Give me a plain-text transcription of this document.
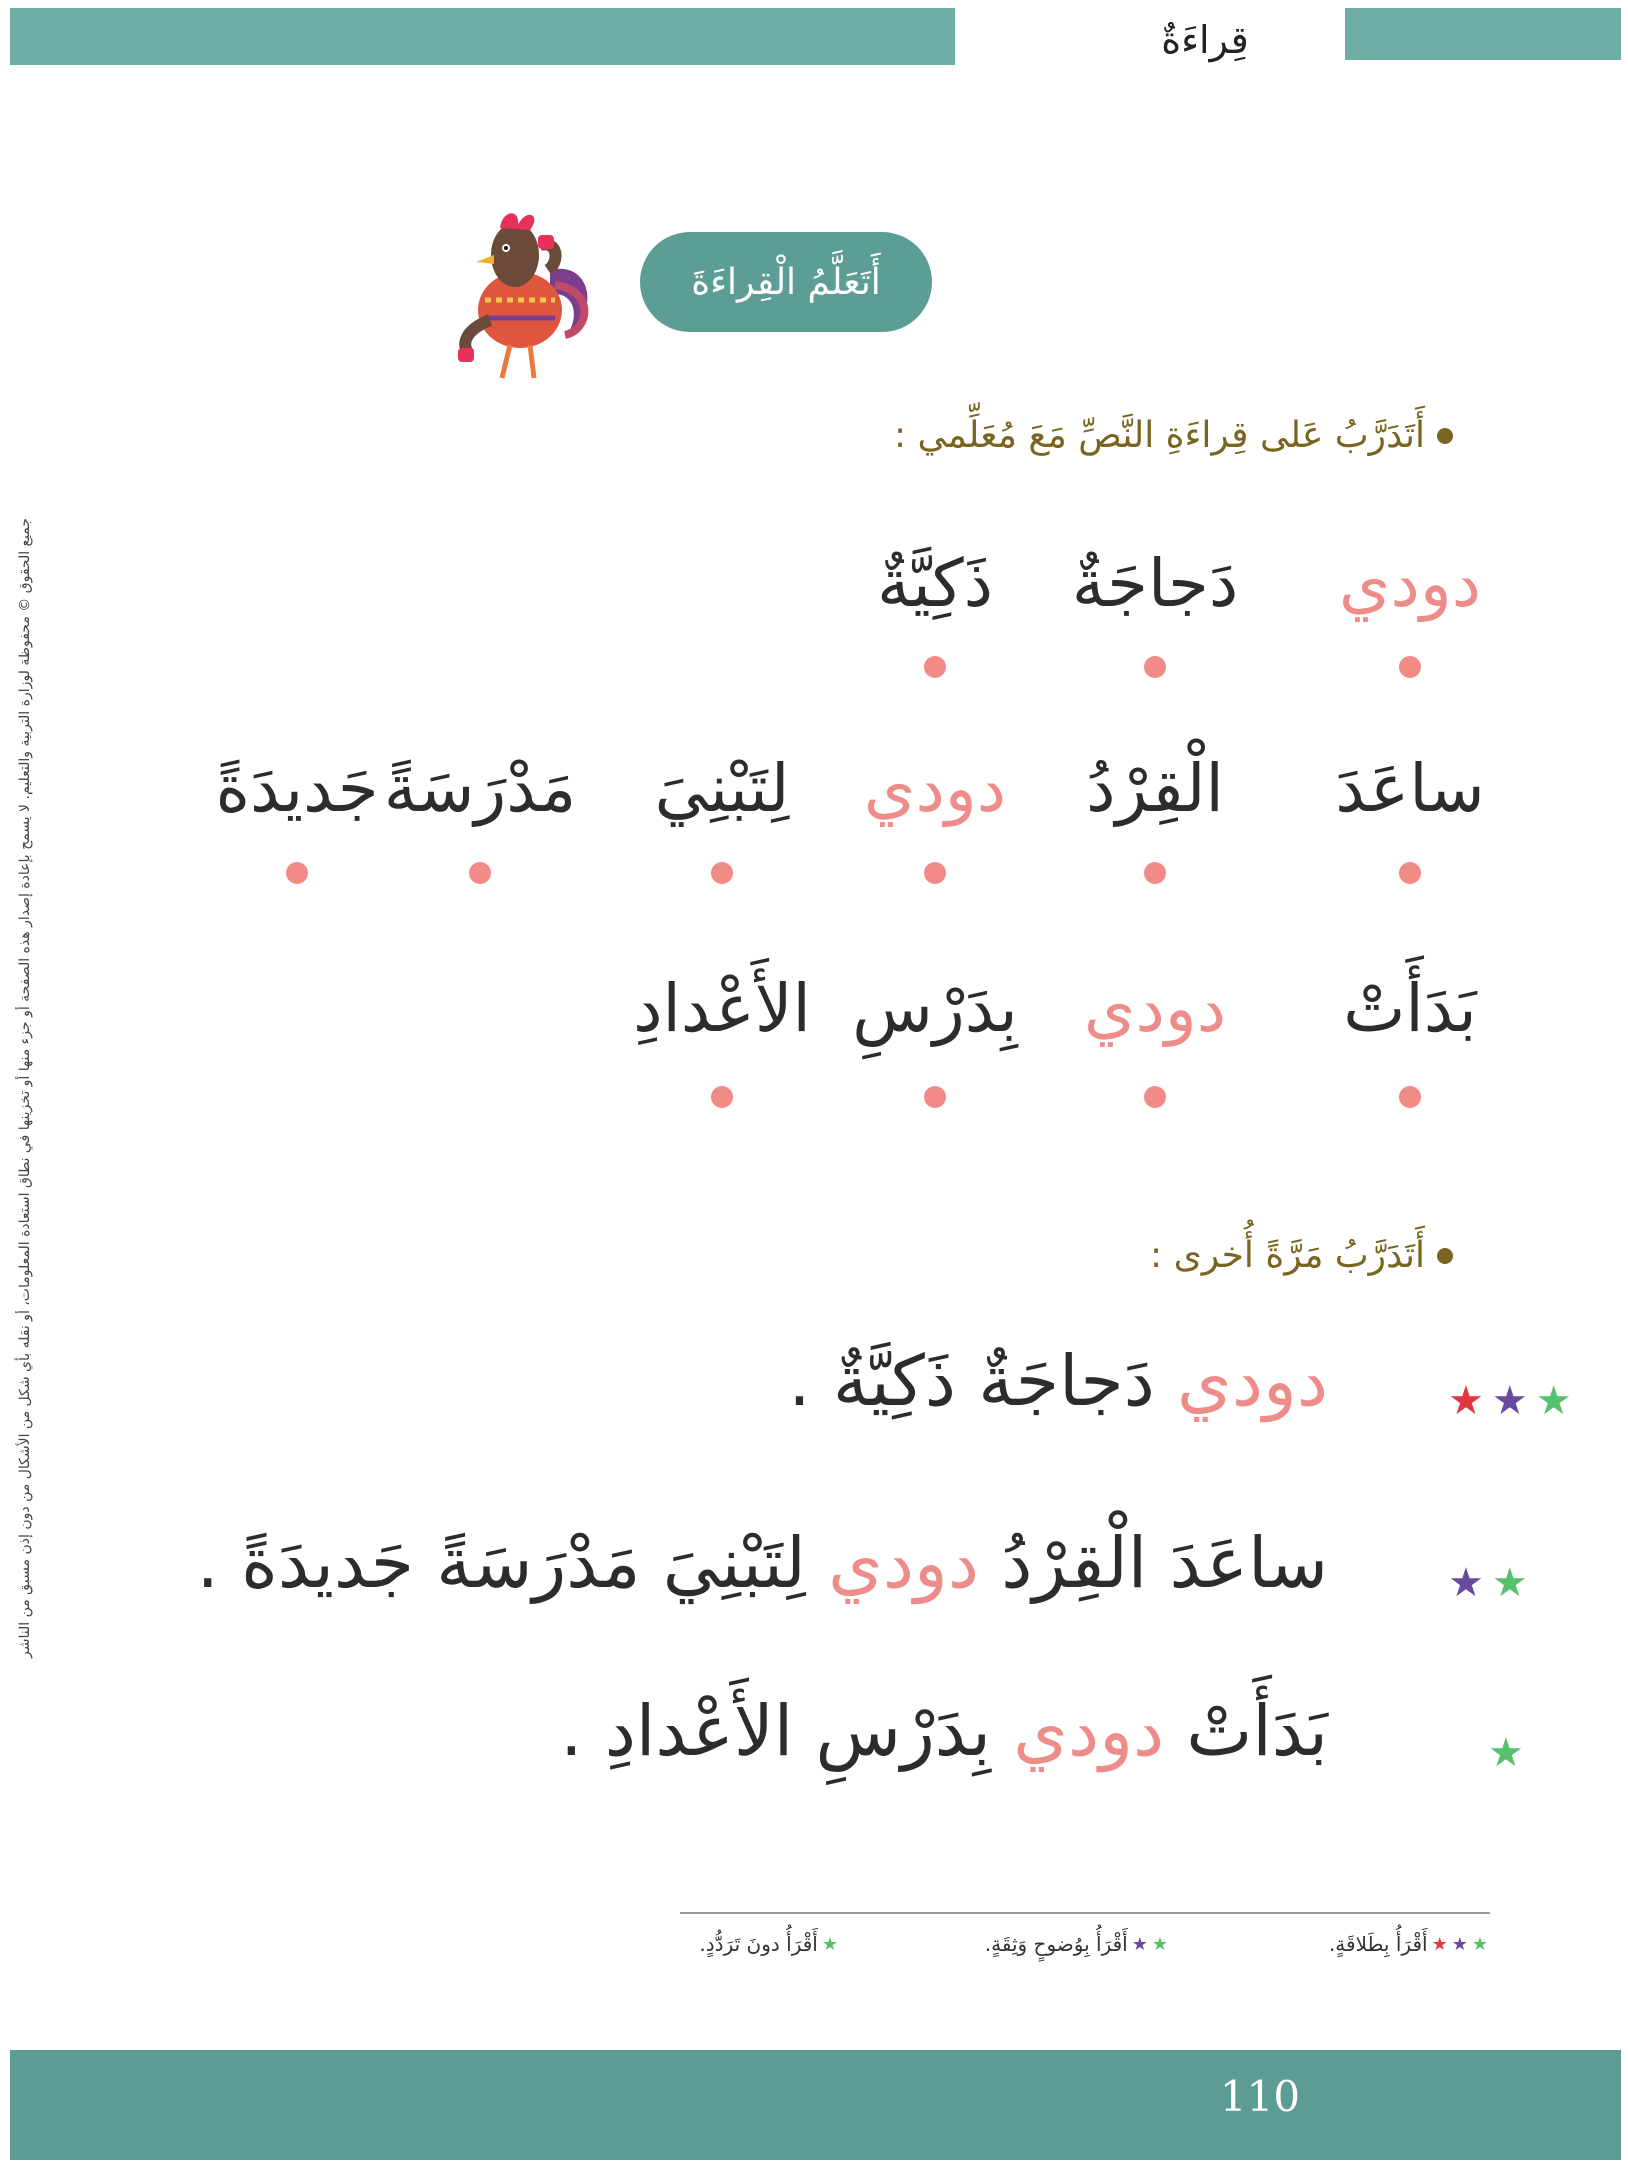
قِراءَةٌ
جميع الحقوق © محفوظة لوزارة التربية والتعليم. لا يسمح بإعادة إصدار هذه الصفحة أو جزء منها أو تخزينها في نطاق استعادة المعلومات، أو نقله بأي شكل من الأشكال من دون إذن مسبق من الناشر
أَتَعَلَّمُ الْقِراءَةَ
أَتَدَرَّبُ عَلى قِراءَةِ النَّصِّ مَعَ مُعَلِّمي :
دودي
دَجاجَةٌ
ذَكِيَّةٌ
ساعَدَ
الْقِرْدُ
دودي
لِتَبْنِيَ
مَدْرَسَةً
جَديدَةً
بَدَأَتْ
دودي
بِدَرْسِ
الأَعْدادِ
أَتَدَرَّبُ مَرَّةً أُخرى :
★ ★ ★
دودي دَجاجَةٌ ذَكِيَّةٌ .
★ ★
ساعَدَ الْقِرْدُ دودي لِتَبْنِيَ مَدْرَسَةً جَديدَةً .
★
بَدَأَتْ دودي بِدَرْسِ الأَعْدادِ .
★
★
★
أَقْرَأُ بِطَلاقَةٍ.
★
★
أَقْرَأُ بِوُضوحٍ وَثِقَةٍ.
★
أَقْرَأُ دونَ تَرَدُّدٍ.
110
